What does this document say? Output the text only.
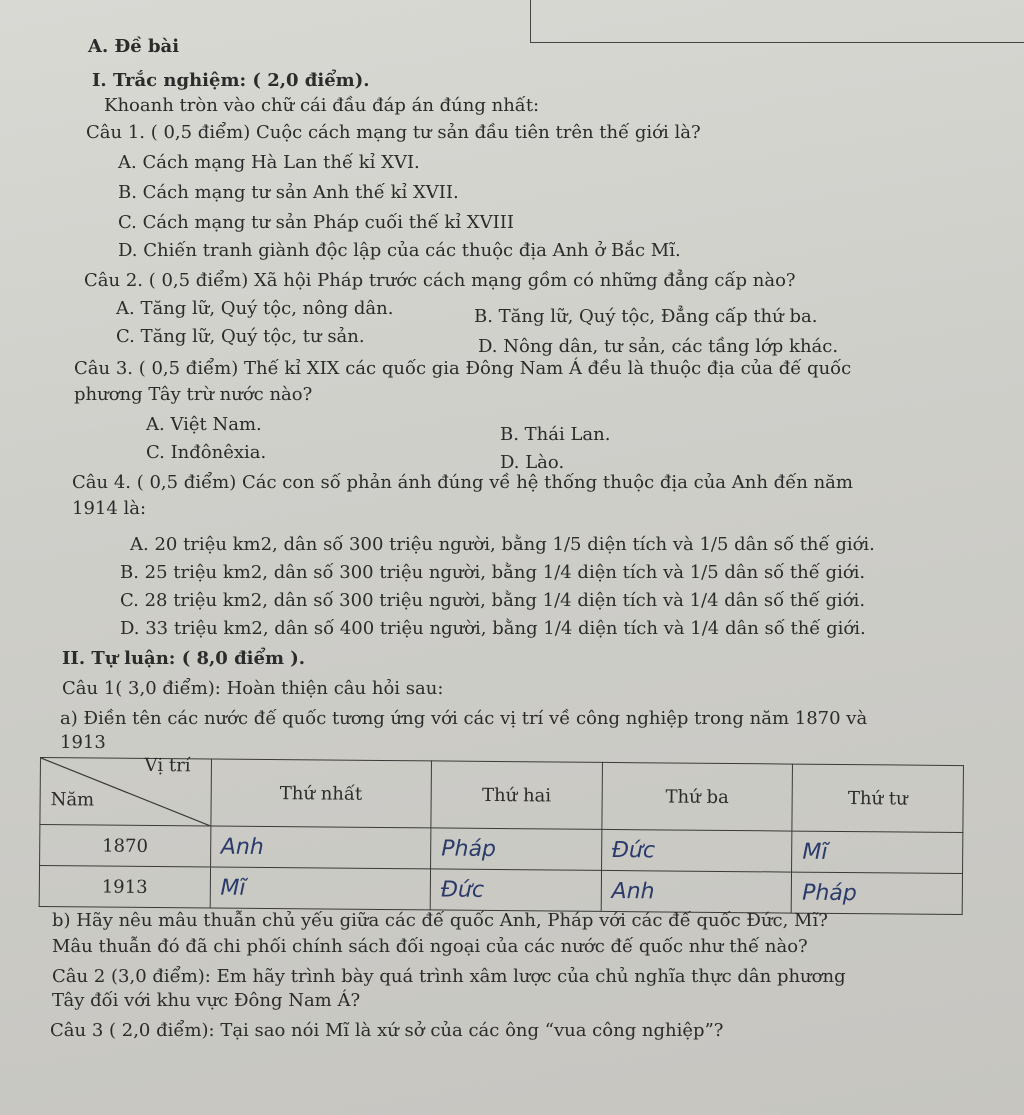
A. Đề bài
I. Trắc nghiệm: ( 2,0 điểm).
Khoanh tròn vào chữ cái đầu đáp án đúng nhất:
Câu 1. ( 0,5 điểm) Cuộc cách mạng tư sản đầu tiên trên thế giới là?
A. Cách mạng Hà Lan thế kỉ XVI.
B. Cách mạng tư sản Anh thế kỉ XVII.
C. Cách mạng tư sản Pháp cuối thế kỉ XVIII
D. Chiến tranh giành độc lập của các thuộc địa Anh ở Bắc Mĩ.
Câu 2. ( 0,5 điểm) Xã hội Pháp trước cách mạng gồm có những đẳng cấp nào?
A. Tăng lữ, Quý tộc, nông dân.	B. Tăng lữ, Quý tộc, Đẳng cấp thứ ba.
C. Tăng lữ, Quý tộc, tư sản.	D. Nông dân, tư sản, các tầng lớp khác.
Câu 3. ( 0,5 điểm) Thế kỉ XIX các quốc gia Đông Nam Á đều là thuộc địa của đế quốc
phương Tây trừ nước nào?
A. Việt Nam.	B. Thái Lan.
C. Inđônêxia.	D. Lào.
Câu 4. ( 0,5 điểm) Các con số phản ánh đúng về hệ thống thuộc địa của Anh đến năm
1914 là:
A. 20 triệu km2, dân số 300 triệu người, bằng 1/5 diện tích và 1/5 dân số thế giới.
B. 25 triệu km2, dân số 300 triệu người, bằng 1/4 diện tích và 1/5 dân số thế giới.
C. 28 triệu km2, dân số 300 triệu người, bằng 1/4 diện tích và 1/4 dân số thế giới.
D. 33 triệu km2, dân số 400 triệu người, bằng 1/4 diện tích và 1/4 dân số thế giới.
II. Tự luận: ( 8,0 điểm ).
Câu 1( 3,0 điểm): Hoàn thiện câu hỏi sau:
a) Điền tên các nước đế quốc tương ứng với các vị trí về công nghiệp trong năm 1870 và
1913
Vị trí
Năm	Thứ nhất	Thứ hai	Thứ ba	Thứ tư
1870	Anh	Pháp	Đức	Mĩ
1913	Mĩ	Đức	Anh	Pháp
b) Hãy nêu mâu thuẫn chủ yếu giữa các đế quốc Anh, Pháp với các đế quốc Đức, Mĩ?
Mâu thuẫn đó đã chi phối chính sách đối ngoại của các nước đế quốc như thế nào?
Câu 2 (3,0 điểm): Em hãy trình bày quá trình xâm lược của chủ nghĩa thực dân phương
Tây đối với khu vực Đông Nam Á?
Câu 3 ( 2,0 điểm): Tại sao nói Mĩ là xứ sở của các ông “vua công nghiệp”?
